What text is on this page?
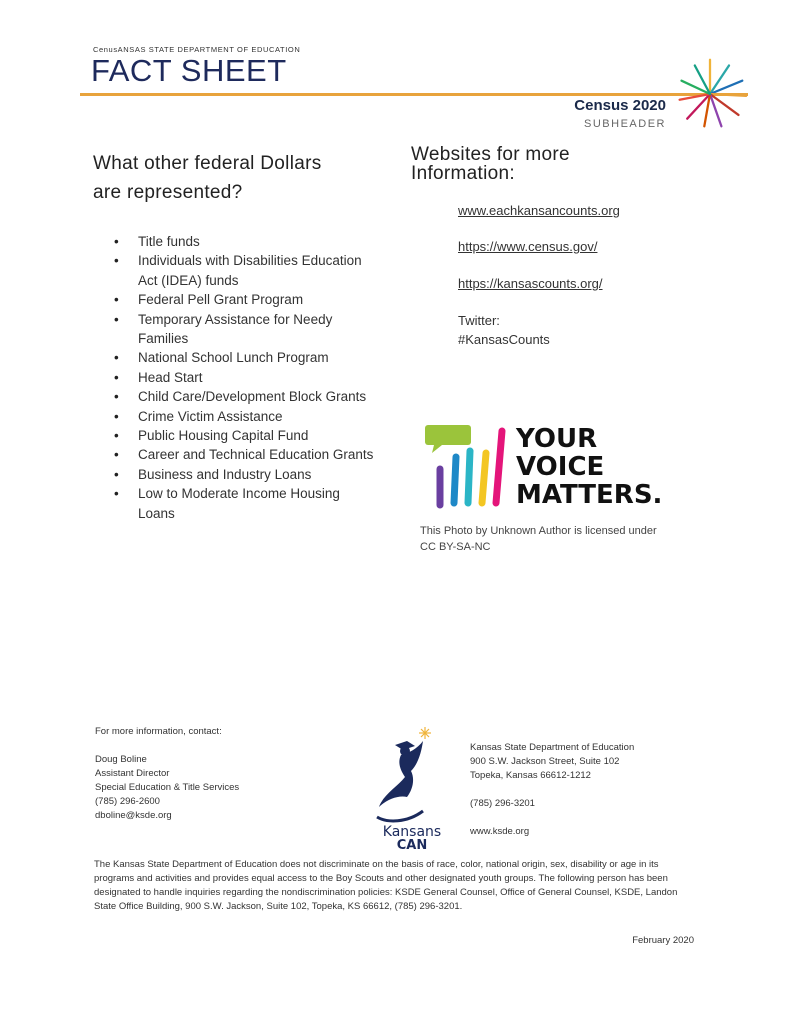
CenusANSAS STATE DEPARTMENT OF EDUCATION
FACT SHEET
Census 2020
SUBHEADER
What other federal Dollars
are represented?
• Title funds
• Individuals with Disabilities Education Act (IDEA) funds
• Federal Pell Grant Program
• Temporary Assistance for Needy Families
• National School Lunch Program
• Head Start
• Child Care/Development Block Grants
• Crime Victim Assistance
• Public Housing Capital Fund
• Career and Technical Education Grants
• Business and Industry Loans
• Low to Moderate Income Housing Loans
Websites for more
Information:
www.eachkansancounts.org
https://www.census.gov/
https://kansascounts.org/
Twitter:
#KansasCounts
YOUR
VOICE
MATTERS.
This Photo by Unknown Author is licensed under
CC BY-SA-NC
For more information, contact:
Doug Boline
Assistant Director
Special Education & Title Services
(785) 296-2600
dboline@ksde.org
Kansans
CAN
Kansas State Department of Education
900 S.W. Jackson Street, Suite 102
Topeka, Kansas 66612-1212
(785) 296-3201
www.ksde.org
The Kansas State Department of Education does not discriminate on the basis of race, color, national origin, sex, disability or age in its programs and activities and provides equal access to the Boy Scouts and other designated youth groups. The following person has been designated to handle inquiries regarding the nondiscrimination policies: KSDE General Counsel, Office of General Counsel, KSDE, Landon State Office Building, 900 S.W. Jackson, Suite 102, Topeka, KS 66612, (785) 296-3201.
February 2020
